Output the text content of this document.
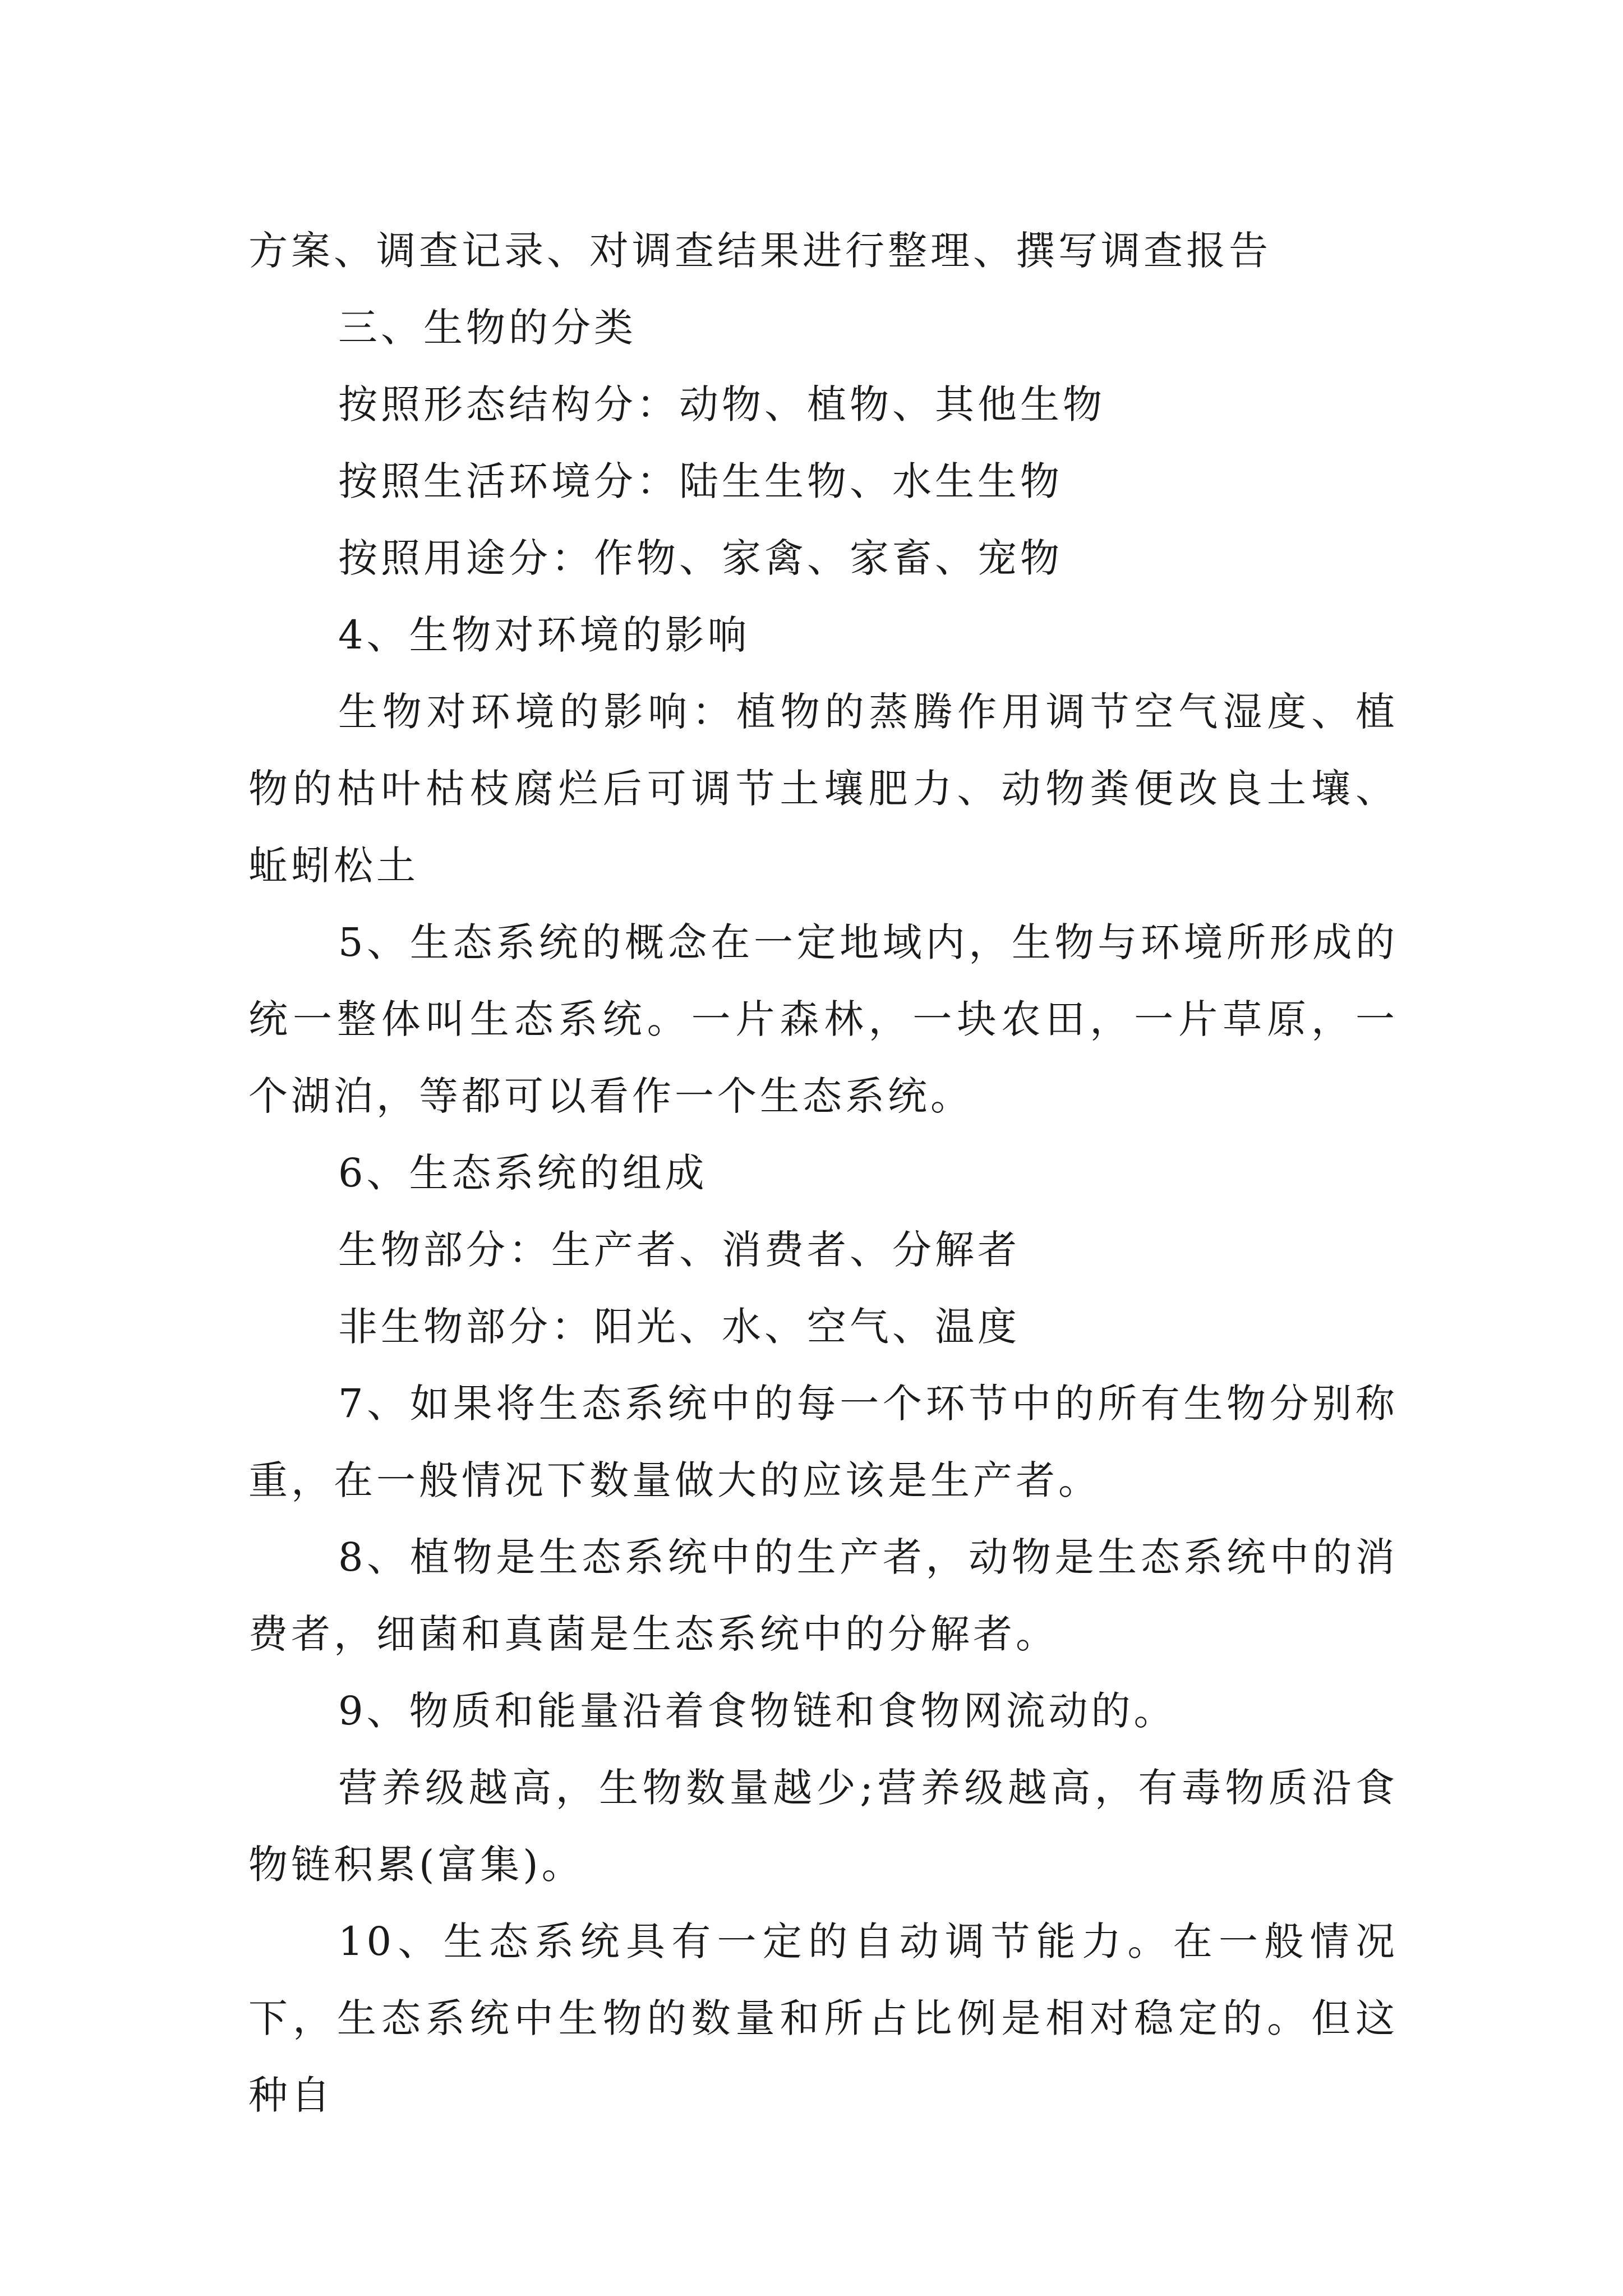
方案、调查记录、对调查结果进行整理、撰写调查报告

三、生物的分类

按照形态结构分：动物、植物、其他生物

按照生活环境分：陆生生物、水生生物

按照用途分：作物、家禽、家畜、宠物

4、生物对环境的影响

生物对环境的影响：植物的蒸腾作用调节空气湿度、植物的枯叶枯枝腐烂后可调节土壤肥力、动物粪便改良土壤、蚯蚓松土

5、生态系统的概念在一定地域内，生物与环境所形成的统一整体叫生态系统。一片森林，一块农田，一片草原，一个湖泊，等都可以看作一个生态系统。

6、生态系统的组成

生物部分：生产者、消费者、分解者

非生物部分：阳光、水、空气、温度

7、如果将生态系统中的每一个环节中的所有生物分别称重，在一般情况下数量做大的应该是生产者。

8、植物是生态系统中的生产者，动物是生态系统中的消费者，细菌和真菌是生态系统中的分解者。

9、物质和能量沿着食物链和食物网流动的。

营养级越高，生物数量越少;营养级越高，有毒物质沿食物链积累(富集)。

10、生态系统具有一定的自动调节能力。在一般情况下，生态系统中生物的数量和所占比例是相对稳定的。但这种自
